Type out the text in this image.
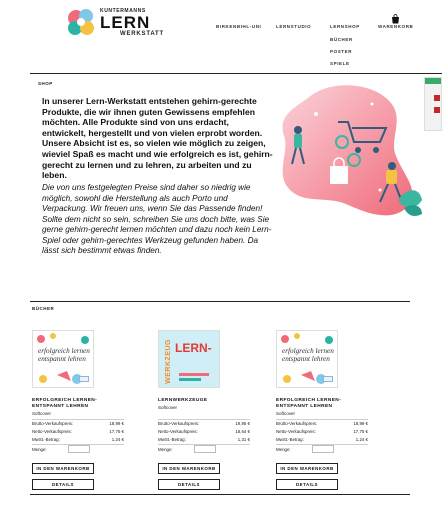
KUNTERMANNS
LERN
WERKSTATT
BIRKENBIHL-UNI	LERNSTUDIO	LERNSHOP	WARENKORB
BÜCHER
POSTER
SPIELE
SHOP

In unserer Lern-Werkstatt entstehen gehirn-gerechte Produkte, die wir ihnen guten Gewissens empfehlen möchten. Alle Produkte sind von uns erdacht, entwickelt, hergestellt und von vielen erprobt worden. Unsere Absicht ist es, so vielen wie möglich zu zeigen, wieviel Spaß es macht und wie erfolgreich es ist, gehirn-gerecht zu lernen und zu lehren, zu arbeiten und zu leben.

Die von uns festgelegten Preise sind daher so niedrig wie möglich, sowohl die Herstellung als auch Porto und Verpackung. Wir freuen uns, wenn Sie das Passende finden! Sollte dem nicht so sein, schreiben Sie uns doch bitte, was Sie gerne gehirn-gerecht lernen möchten und dazu noch kein Lern-Spiel oder gehirn-gerechtes Werkzeug gefunden haben. Da lässt sich bestimmt etwas finden.

BÜCHER
erfolgreich lernen entspannt lehren
ERFOLGREICH LERNEN-ENTSPANNT LEHREN
Softcover
Brutto-Verkaufspreis:	18,99 €
Netto-Verkaufspreis:	17,75 €
MwSt.-Betrag:	1,24 €
Menge:
IN DEN WARENKORB
DETAILS
LERN-
WERKZEUG
LERNWERKZEUGE
Softcover
Brutto-Verkaufspreis:	19,95 €
Netto-Verkaufspreis:	18,64 €
MwSt.-Betrag:	1,31 €
Menge:
IN DEN WARENKORB
DETAILS
erfolgreich lernen entspannt lehren
ERFOLGREICH LERNEN-ENTSPANNT LEHREN
Softcover
Brutto-Verkaufspreis:	18,99 €
Netto-Verkaufspreis:	17,75 €
MwSt.-Betrag:	1,24 €
Menge:
IN DEN WARENKORB
DETAILS
